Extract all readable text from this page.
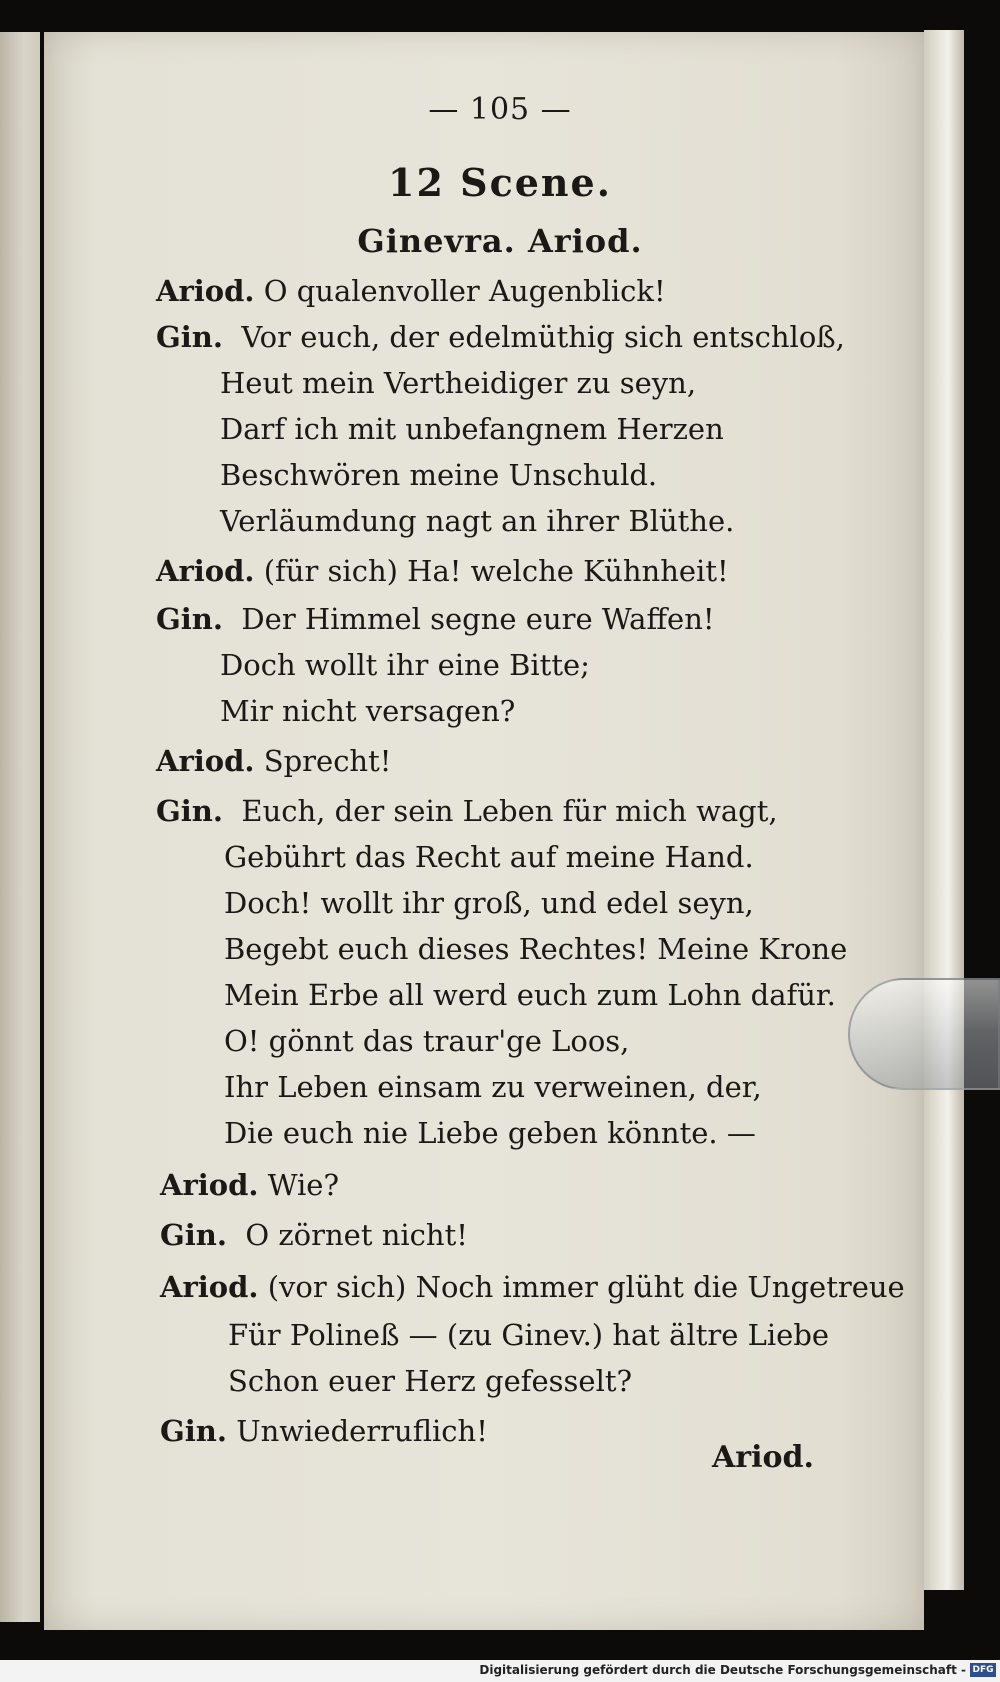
— 105 —
12 Scene.
Ginevra. Ariod.
Ariod. O qualenvoller Augenblick!
Gin. Vor euch, der edelmüthig sich entschloß,
Heut mein Vertheidiger zu seyn,
Darf ich mit unbefangnem Herzen
Beschwören meine Unschuld.
Verläumdung nagt an ihrer Blüthe.
Ariod. (für sich) Ha! welche Kühnheit!
Gin. Der Himmel segne eure Waffen!
Doch wollt ihr eine Bitte;
Mir nicht versagen?
Ariod. Sprecht!
Gin. Euch, der sein Leben für mich wagt,
Gebührt das Recht auf meine Hand.
Doch! wollt ihr groß, und edel seyn,
Begebt euch dieses Rechtes! Meine Krone
Mein Erbe all werd euch zum Lohn dafür.
O! gönnt das traur'ge Loos,
Ihr Leben einsam zu verweinen, der,
Die euch nie Liebe geben könnte. —
Ariod. Wie?
Gin. O zörnet nicht!
Ariod. (vor sich) Noch immer glüht die Ungetreue
Für Polineß — (zu Ginev.) hat ältre Liebe
Schon euer Herz gefesselt?
Gin. Unwiederruflich!
Ariod.
Digitalisierung gefördert durch die Deutsche Forschungsgemeinschaft - DFG
